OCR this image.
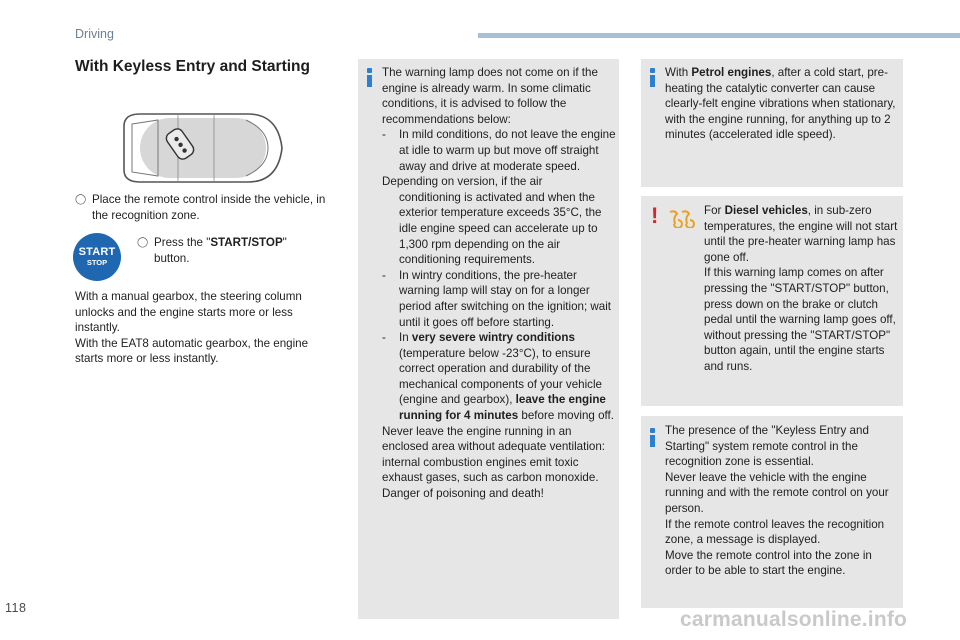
Driving
With Keyless Entry and Starting
◯ Place the remote control inside the vehicle, in the recognition zone.
START
STOP
◯ Press the "START/STOP" button.

With a manual gearbox, the steering column unlocks and the engine starts more or less instantly.

With the EAT8 automatic gearbox, the engine starts more or less instantly.

The warning lamp does not come on if the engine is already warm. In some climatic conditions, it is advised to follow the recommendations below:

- In mild conditions, do not leave the engine at idle to warm up but move off straight away and drive at moderate speed.

Depending on version, if the air

conditioning is activated and when the exterior temperature exceeds 35°C, the idle engine speed can accelerate up to 1,300 rpm depending on the air conditioning requirements.
- In wintry conditions, the pre-heater warning lamp will stay on for a longer period after switching on the ignition; wait until it goes off before starting.
- In very severe wintry conditions (temperature below -23°C), to ensure correct operation and durability of the mechanical components of your vehicle (engine and gearbox), leave the engine running for 4 minutes before moving off.

Never leave the engine running in an enclosed area without adequate ventilation: internal combustion engines emit toxic exhaust gases, such as carbon monoxide. Danger of poisoning and death!

With Petrol engines, after a cold start, pre-heating the catalytic converter can cause clearly-felt engine vibrations when stationary, with the engine running, for anything up to 2 minutes (accelerated idle speed).

!	For Diesel vehicles, in sub-zero temperatures, the engine will not start until the pre-heater warning lamp has gone off.

If this warning lamp comes on after pressing the "START/STOP" button, press down on the brake or clutch pedal until the warning lamp goes off, without pressing the "START/STOP" button again, until the engine starts and runs.

The presence of the "Keyless Entry and Starting" system remote control in the recognition zone is essential.

Never leave the vehicle with the engine running and with the remote control on your person.

If the remote control leaves the recognition zone, a message is displayed.

Move the remote control into the zone in order to be able to start the engine.

118	carmanualsonline.info
